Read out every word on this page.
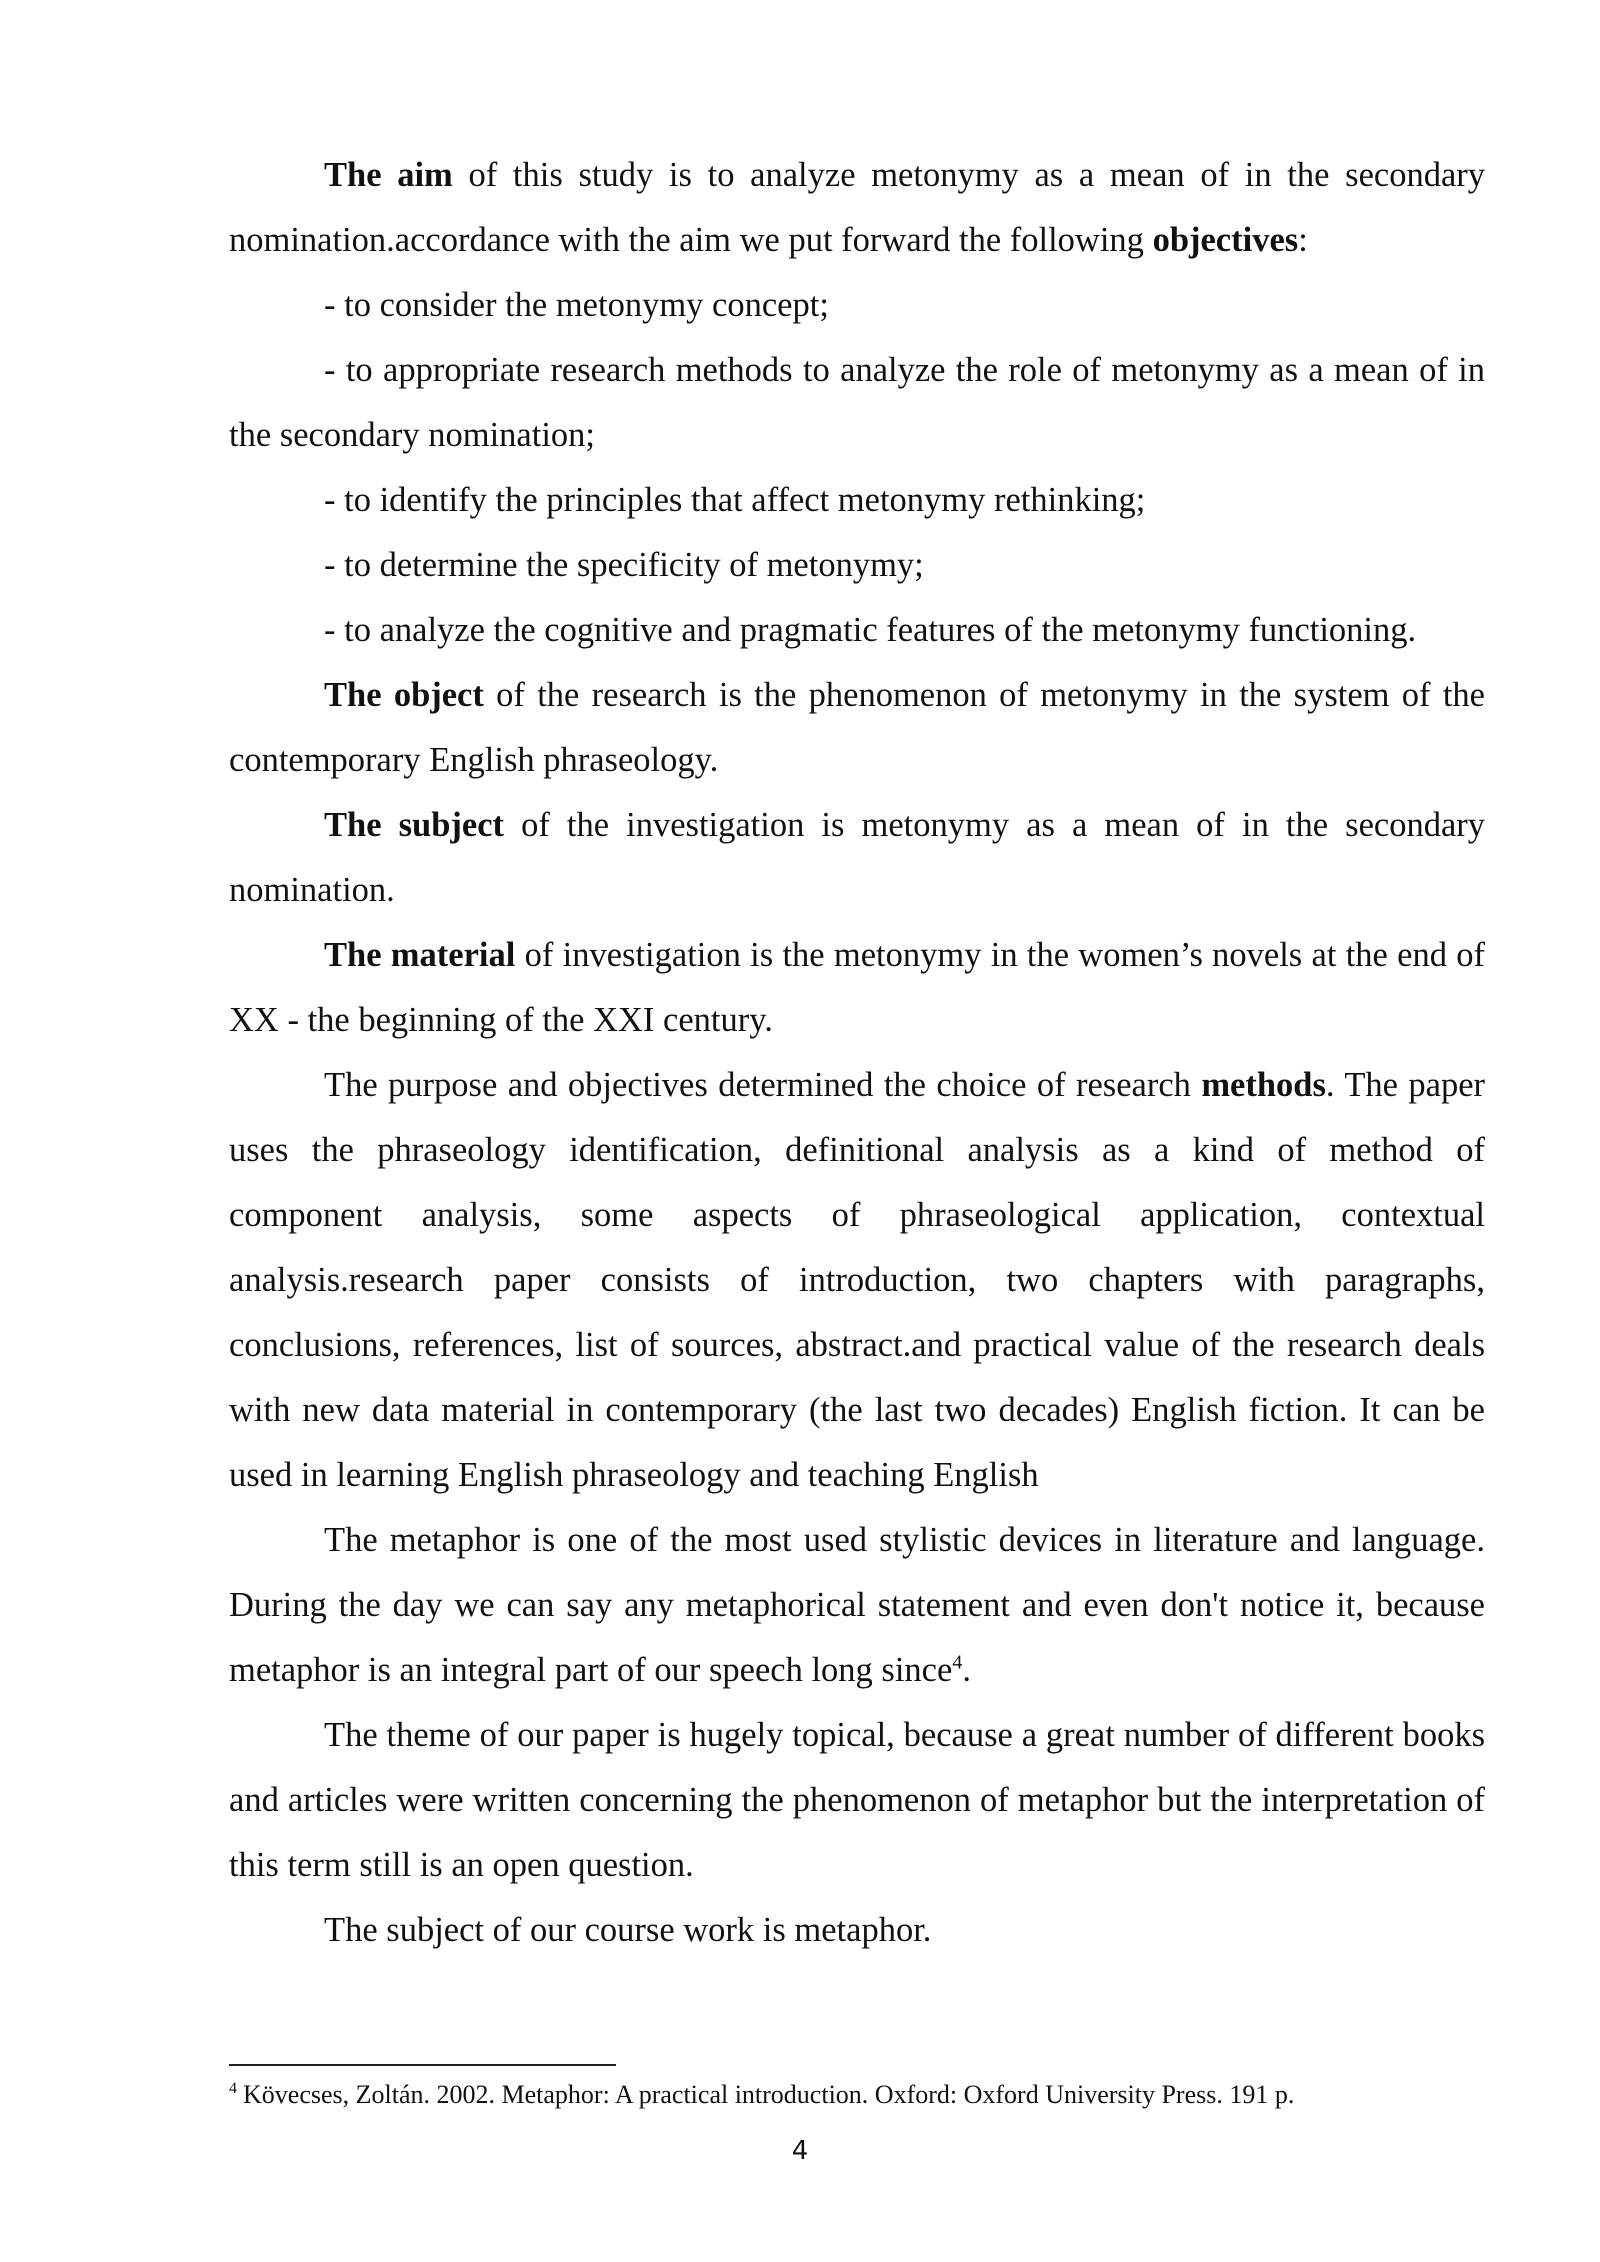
The aim of this study is to analyze metonymy as a mean of in the secondary nomination.accordance with the aim we put forward the following objectives:

- to consider the metonymy concept;

- to appropriate research methods to analyze the role of metonymy as a mean of in the secondary nomination;

- to identify the principles that affect metonymy rethinking;

- to determine the specificity of metonymy;

- to analyze the cognitive and pragmatic features of the metonymy functioning.

The object of the research is the phenomenon of metonymy in the system of the contemporary English phraseology.

The subject of the investigation is metonymy as a mean of in the secondary nomination.

The material of investigation is the metonymy in the women’s novels at the end of XX - the beginning of the XXI century.

The purpose and objectives determined the choice of research methods. The paper uses the phraseology identification, definitional analysis as a kind of method of component analysis, some aspects of phraseological application, contextual analysis.research paper consists of introduction, two chapters with paragraphs, conclusions, references, list of sources, abstract.and practical value of the research deals with new data material in contemporary (the last two decades) English fiction. It can be used in learning English phraseology and teaching English

The metaphor is one of the most used stylistic devices in literature and language. During the day we can say any metaphorical statement and even don't notice it, because metaphor is an integral part of our speech long since$^4$.

The theme of our paper is hugely topical, because a great number of different books and articles were written concerning the phenomenon of metaphor but the interpretation of this term still is an open question.

The subject of our course work is metaphor.

$^4$ Kövecses, Zoltán. 2002. Metaphor: A practical introduction. Oxford: Oxford University Press. 191 p.

4
